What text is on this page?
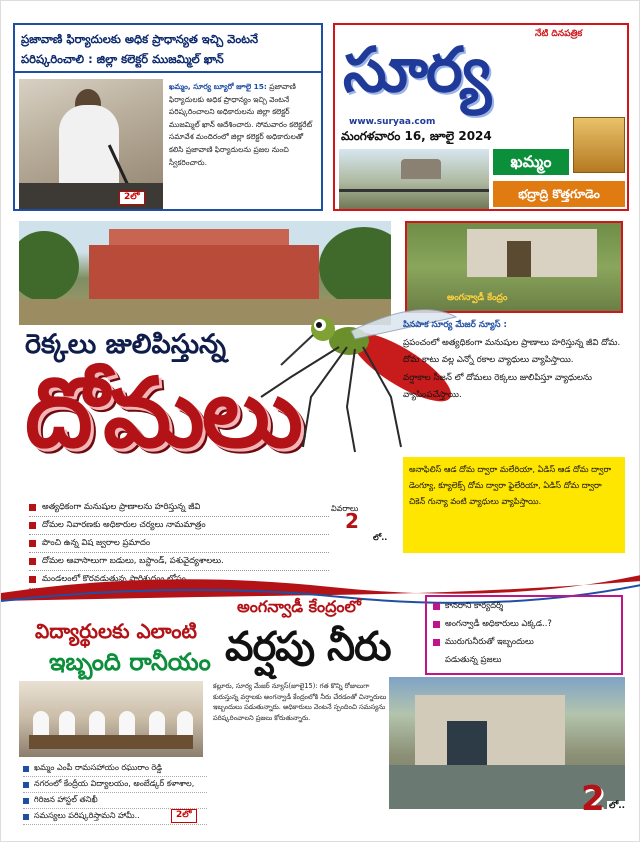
ప్రజావాణి ఫిర్యాదులకు అధిక ప్రాధాన్యత ఇచ్చి వెంటనే పరిష్కరించాలి : జిల్లా కలెక్టర్ ముజమ్మిల్ ఖాన్
2లో
ఖమ్మం, సూర్య బ్యూరో జూలై 15: ప్రజావాణి ఫిర్యాదులకు అధిక ప్రాధాన్యం ఇచ్చి వెంటనే పరిష్కరించాలని అధికారులను జిల్లా కలెక్టర్ ముజమ్మిల్ ఖాన్ ఆదేశించారు. సోమవారం కలెక్టరేట్ సమావేశ మందిరంలో జిల్లా కలెక్టర్ అధికారులతో కలిసి ప్రజావాణి ఫిర్యాదులను ప్రజల నుంచి స్వీకరించారు.
నేటి దినపత్రిక
సూర్య
www.suryaa.com
మంగళవారం 16, జూలై 2024
ఖమ్మం
భద్రాద్రి కొత్తగూడెం
అంగన్వాడీ కేంద్రం
రెక్కలు జులిపిస్తున్న
దోమలు

పినపాక సూర్య మేజర్ న్యూస్ :

ప్రపంచంలో అత్యధికంగా మనుషుల ప్రాణాలు హరిస్తున్న జీవి దోమ.

దోమ కాటు వల్ల ఎన్నో రకాల వ్యాధులు వ్యాపిస్తాయి.

వర్షాకాల సీజన్ లో దోమలు రెక్కలు జులిపిస్తూ వ్యాధులను వ్యాపింపచేస్తాయి.

అనాఫిలిస్ ఆడ దోమ ద్వారా మలేరియా, ఏడిస్ ఆడ దోమ ద్వారా డెంగ్యూ, క్యూలెక్స్ దోమ ద్వారా ఫైలేరియా, ఏడిస్ దోమ ద్వారా చికెన్ గున్యా వంటి వ్యాధులు వ్యాపిస్తాయి.
అత్యధికంగా మనుషుల ప్రాణాలను హరిస్తున్న జీవి
దోమల నివారణకు అధికారుల చర్యలు నామమాత్రం
పొంచి ఉన్న విష జ్వరాల ప్రమాదం
దోమల ఆవాసాలుగా బడులు, బస్టాండ్, పశువైద్యశాలలు.
మండలంలో కొరవడుతున్న పారిశుద్ధ్యం లోపం
వివరాలు
2
లో..
విద్యార్థులకు ఎలాంటి
ఇబ్బంది రానీయం
ఖమ్మం ఎంపీ రామసహాయం రఘురాం రెడ్డి
నగరంలో కేంద్రీయ విద్యాలయం, అంబేడ్కర్ కళాశాల,
గిరిజన హాస్టల్ తనిఖీ
సమస్యలు పరిష్కరిస్తామని హామీ..	2లో
అంగన్వాడీ కేంద్రంలో
వర్షపు నీరు
కానరాని కార్యదర్శి
అంగన్వాడీ అధికారులు ఎక్కడ..?
మురుగునీరుతో ఇబ్బందులు
పడుతున్న ప్రజలు
కల్లూరు, సూర్య మేజర్ న్యూస్(జూలై15): గత కొన్ని రోజులుగా కురుస్తున్న వర్షాలకు అంగన్వాడీ కేంద్రంలోకి నీరు చేరడంతో చిన్నారులు ఇబ్బందులు పడుతున్నారు. అధికారులు వెంటనే స్పందించి సమస్యను పరిష్కరించాలని ప్రజలు కోరుతున్నారు.
2 లో..
